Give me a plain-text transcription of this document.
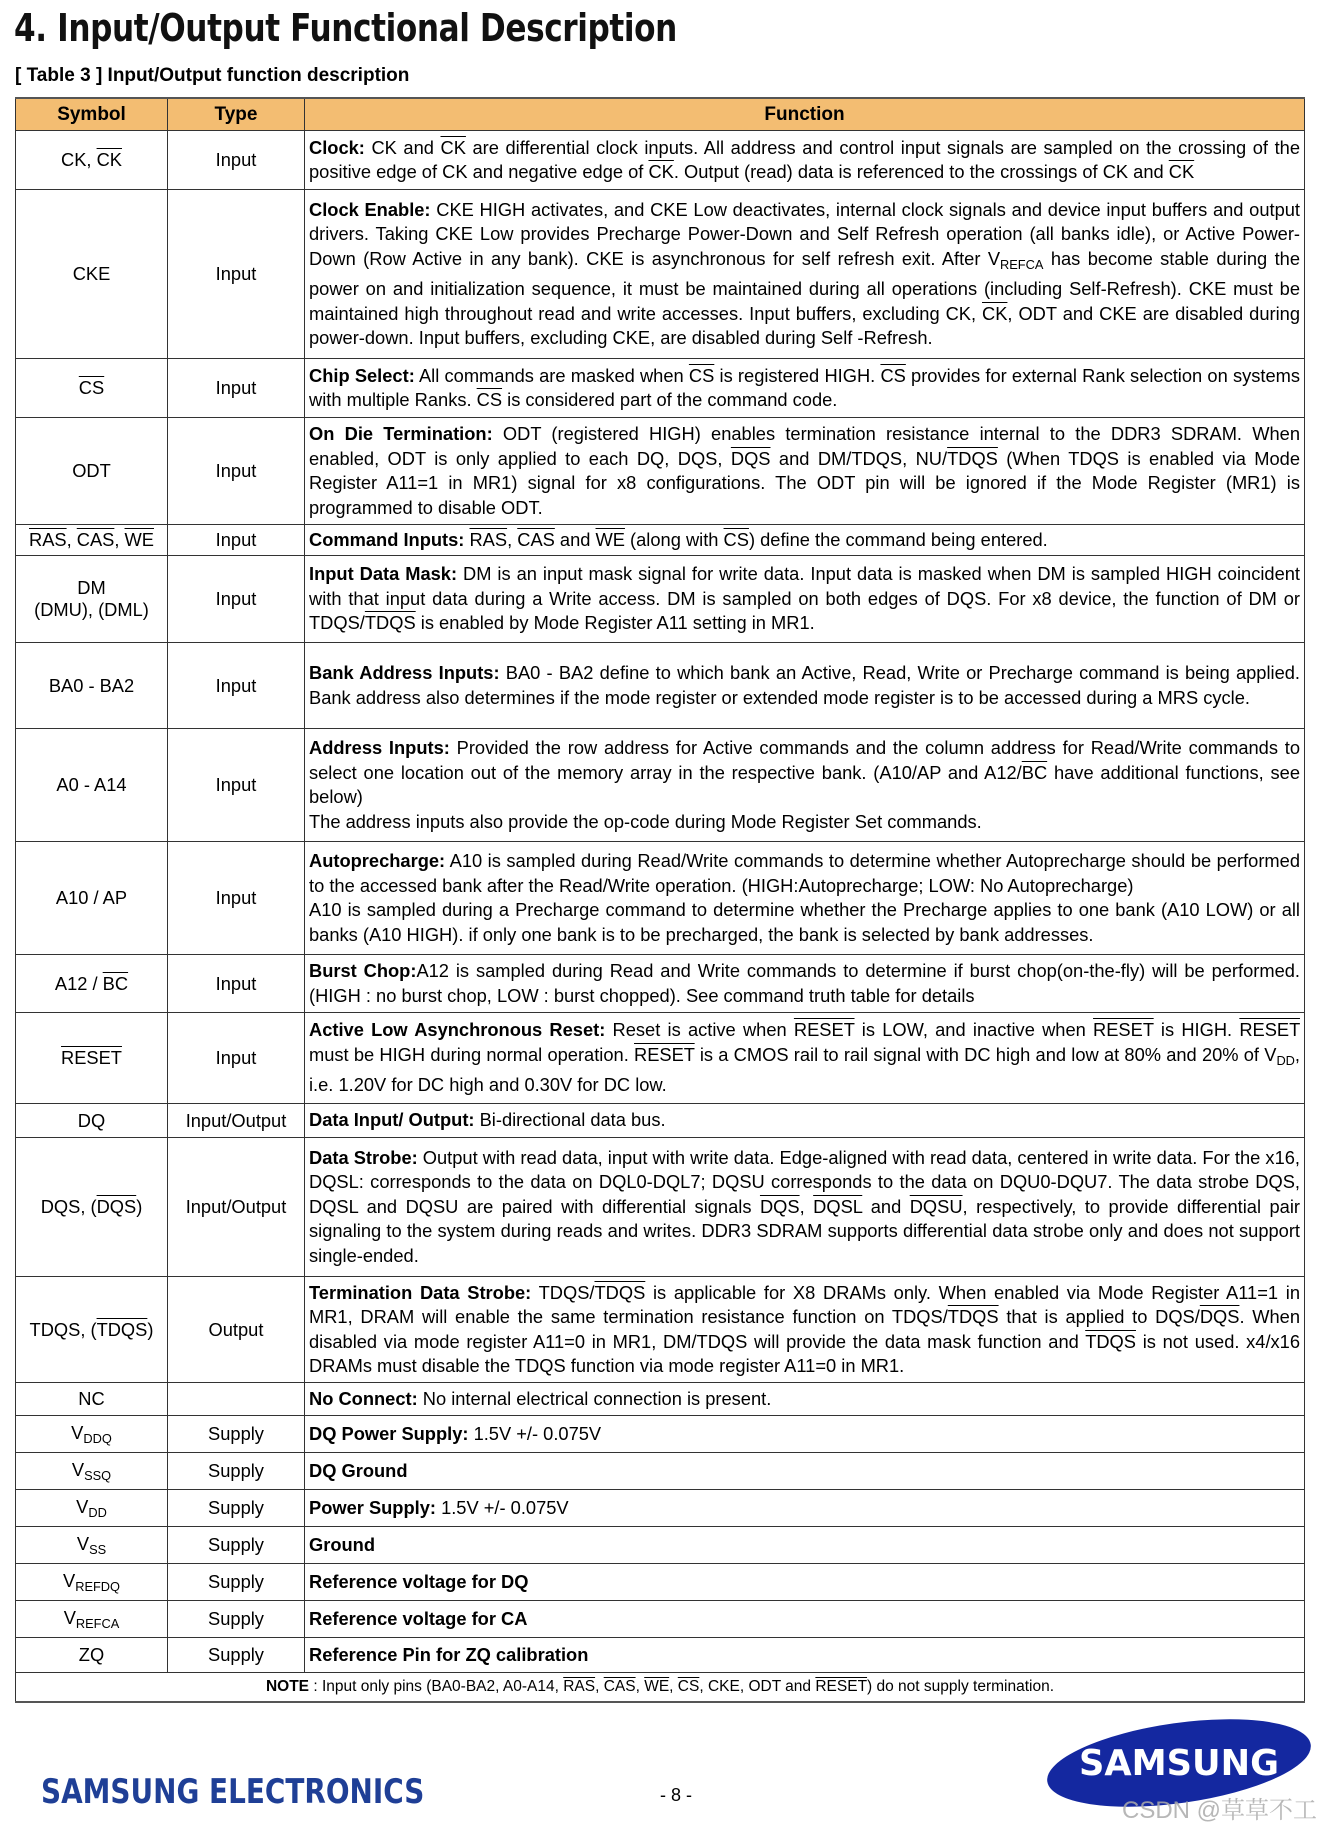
4. Input/Output Functional Description
[ Table 3 ] Input/Output function description
Symbol	Type	Function
CK, $\overline{CK}$	Input	Clock: CK and $\overline{CK}$ are differential clock inputs. All address and control input signals are sampled on the crossing of the positive edge of CK and negative edge of $\overline{CK}$. Output (read) data is referenced to the crossings of CK and $\overline{CK}$
CKE	Input	Clock Enable: CKE HIGH activates, and CKE Low deactivates, internal clock signals and device input buffers and output drivers. Taking CKE Low provides Precharge Power-Down and Self Refresh operation (all banks idle), or Active Power-Down (Row Active in any bank). CKE is asynchronous for self refresh exit. After $V_{REFCA}$ has become stable during the power on and initialization sequence, it must be maintained during all operations (including Self-Refresh). CKE must be maintained high throughout read and write accesses. Input buffers, excluding CK, $\overline{CK}$, ODT and CKE are disabled during power-down. Input buffers, excluding CKE, are disabled during Self -Refresh.
$\overline{CS}$	Input	Chip Select: All commands are masked when $\overline{CS}$ is registered HIGH. $\overline{CS}$ provides for external Rank selection on systems with multiple Ranks. $\overline{CS}$ is considered part of the command code.
ODT	Input	On Die Termination: ODT (registered HIGH) enables termination resistance internal to the DDR3 SDRAM. When enabled, ODT is only applied to each DQ, DQS, $\overline{DQS}$ and DM/TDQS, NU/TDQS (When TDQS is enabled via Mode Register A11=1 in MR1) signal for x8 configurations. The ODT pin will be ignored if the Mode Register (MR1) is programmed to disable ODT.
$\overline{RAS}$, $\overline{CAS}$, $\overline{WE}$	Input	Command Inputs: $\overline{RAS}$, $\overline{CAS}$ and $\overline{WE}$ (along with $\overline{CS}$) define the command being entered.
DM
(DMU), (DML)	Input	Input Data Mask: DM is an input mask signal for write data. Input data is masked when DM is sampled HIGH coincident with that input data during a Write access. DM is sampled on both edges of DQS. For x8 device, the function of DM or TDQS/TDQS is enabled by Mode Register A11 setting in MR1.
BA0 - BA2	Input	Bank Address Inputs: BA0 - BA2 define to which bank an Active, Read, Write or Precharge command is being applied. Bank address also determines if the mode register or extended mode register is to be accessed during a MRS cycle.
A0 - A14	Input	Address Inputs: Provided the row address for Active commands and the column address for Read/Write commands to select one location out of the memory array in the respective bank. (A10/AP and $A12/\overline{BC}$ have additional functions, see below)
The address inputs also provide the op-code during Mode Register Set commands.
A10 / AP	Input	Autoprecharge: A10 is sampled during Read/Write commands to determine whether Autoprecharge should be performed to the accessed bank after the Read/Write operation. (HIGH:Autoprecharge; LOW: No Autoprecharge)
A10 is sampled during a Precharge command to determine whether the Precharge applies to one bank (A10 LOW) or all banks (A10 HIGH). if only one bank is to be precharged, the bank is selected by bank addresses.
$A12 / \overline{BC}$	Input	Burst Chop:A12 is sampled during Read and Write commands to determine if burst chop(on-the-fly) will be performed. (HIGH : no burst chop, LOW : burst chopped). See command truth table for details
RESET	Input	Active Low Asynchronous Reset: Reset is active when RESET is LOW, and inactive when RESET is HIGH. RESET must be HIGH during normal operation. RESET is a CMOS rail to rail signal with DC high and low at 80% and 20% of $V_{DD}$, i.e. 1.20V for DC high and 0.30V for DC low.
DQ	Input/Output	Data Input/ Output: Bi-directional data bus.
DQS, $(\overline{DQS})$	Input/Output	Data Strobe: Output with read data, input with write data. Edge-aligned with read data, centered in write data. For the x16, DQSL: corresponds to the data on DQL0-DQL7; DQSU corresponds to the data on DQU0-DQU7. The data strobe DQS, DQSL and DQSU are paired with differential signals $\overline{DQS}$, DQSL and DQSU, respectively, to provide differential pair signaling to the system during reads and writes. DDR3 SDRAM supports differential data strobe only and does not support single-ended.
TDQS, (TDQS)	Output	Termination Data Strobe: TDQS/TDQS is applicable for X8 DRAMs only. When enabled via Mode Register A11=1 in MR1, DRAM will enable the same termination resistance function on TDQS/TDQS that is applied to DQS/$\overline{DQS}$. When disabled via mode register A11=0 in MR1, DM/TDQS will provide the data mask function and TDQS is not used. x4/x16 DRAMs must disable the TDQS function via mode register A11=0 in MR1.
NC		No Connect: No internal electrical connection is present.
$V_{DDQ}$	Supply	DQ Power Supply: 1.5V +/- 0.075V
$V_{SSQ}$	Supply	DQ Ground
$V_{DD}$	Supply	Power Supply: 1.5V +/- 0.075V
$V_{SS}$	Supply	Ground
$V_{REFDQ}$	Supply	Reference voltage for DQ
$V_{REFCA}$	Supply	Reference voltage for CA
ZQ	Supply	Reference Pin for ZQ calibration
NOTE : Input only pins (BA0-BA2, A0-A14, $\overline{RAS}$, $\overline{CAS}$, $\overline{WE}$, $\overline{CS}$, CKE, ODT and RESET) do not supply termination.		
SAMSUNG ELECTRONICS	- 8 -
SAMSUNG
CSDN @草草不工
